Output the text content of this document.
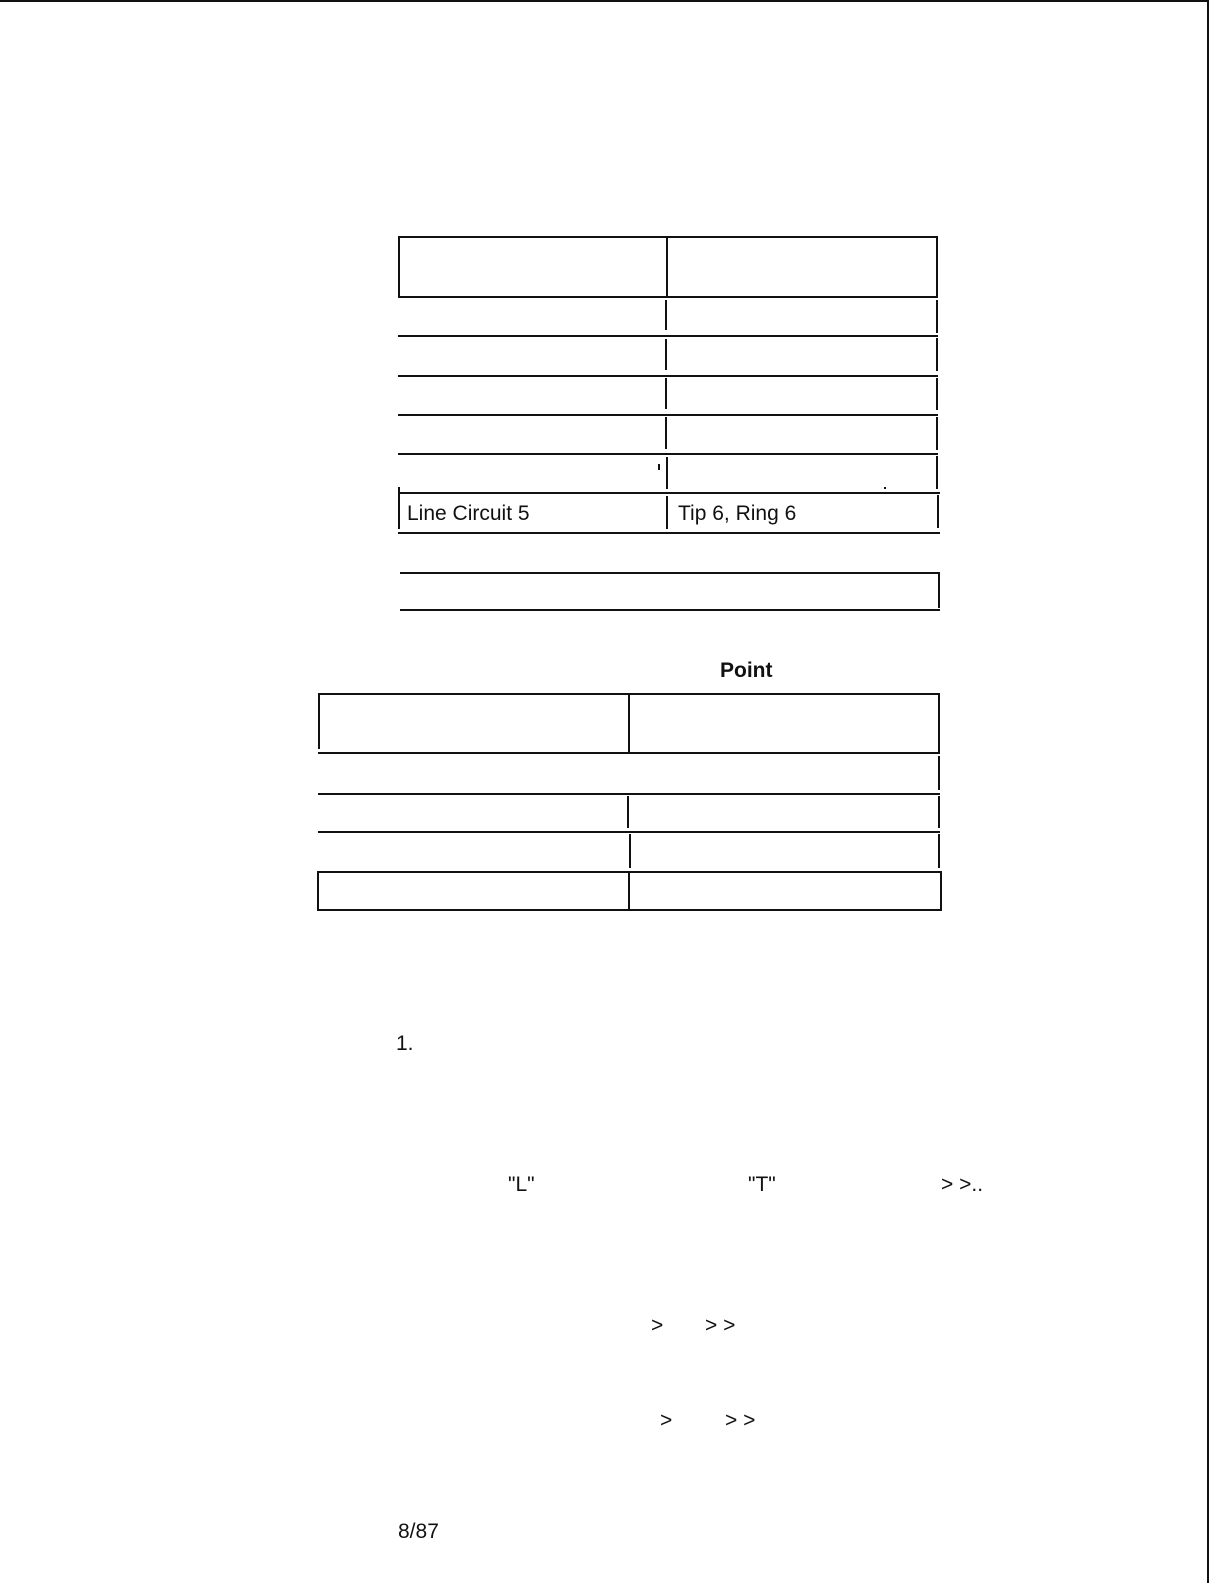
Line Circuit 5	Tip 6, Ring 6
Point
1.
"L"	"T"	> >..
> > >
>	> >
8/87
